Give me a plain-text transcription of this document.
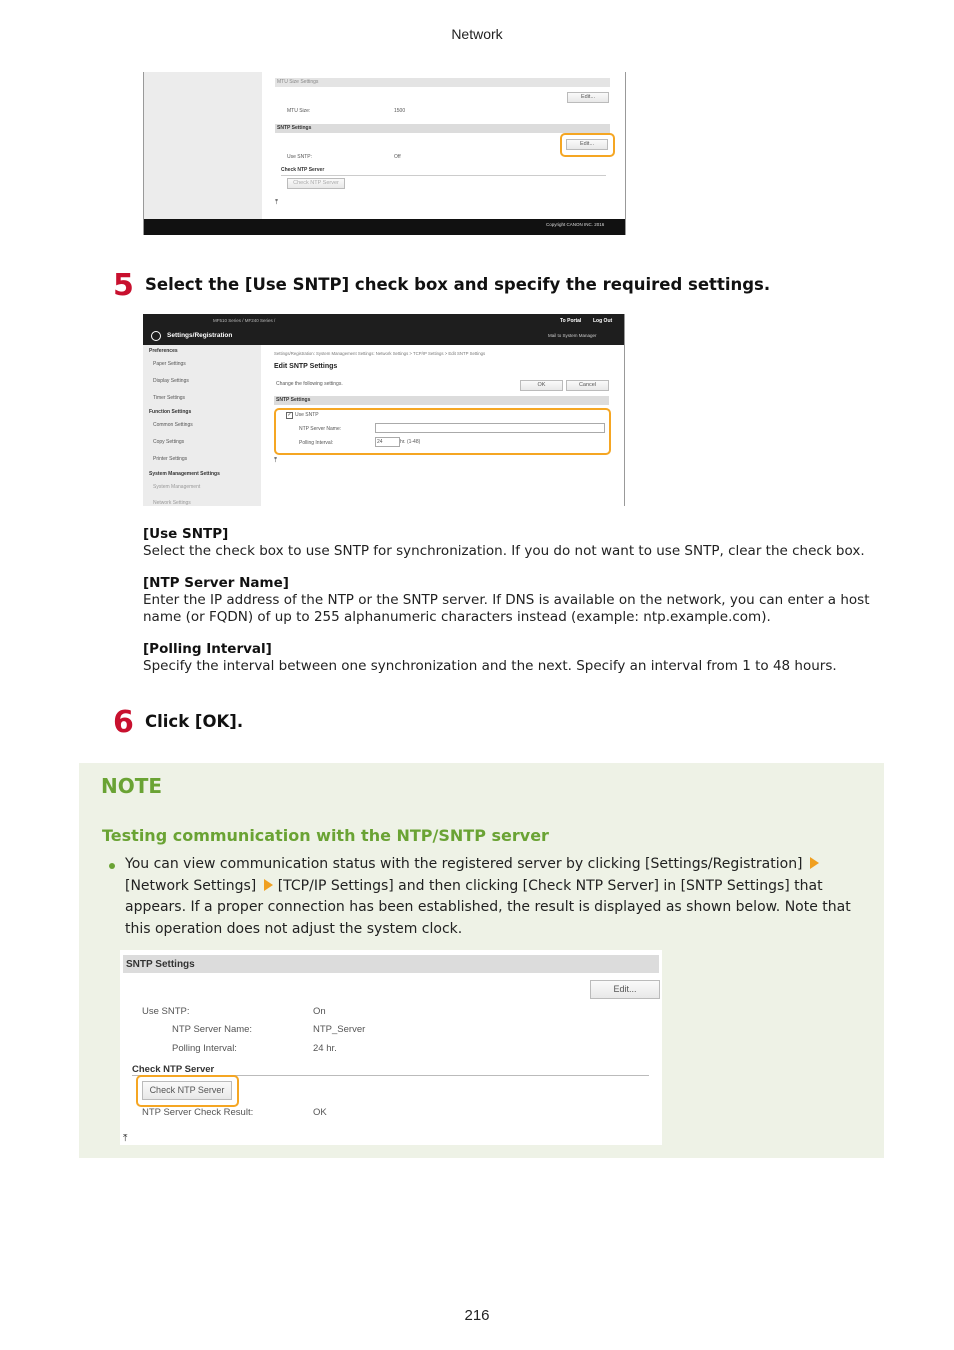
Network
MTU Size Settings
Edit...
MTU Size:	1500
SNTP Settings
Edit...
Use SNTP:	Off
Check NTP Server
Check NTP Server
⤒
Copyright CANON INC. 2016
5 Select the [Use SNTP] check box and specify the required settings.
MF510 Series / MF240 Series /	To Portal Log Out
Settings/Registration	Mail to System Manager
Preferences
Paper Settings
Display Settings
Timer Settings
Function Settings
Common Settings
Copy Settings
Printer Settings
System Management Settings
System Management
Network Settings
Settings/Registration: System Management Settings: Network Settings > TCP/IP Settings > Edit SNTP Settings
Edit SNTP Settings
Change the following settings.	OK	Cancel
SNTP Settings
✓ Use SNTP
NTP Server Name:
Polling Interval:	24	hr. (1-48)
⤒
[Use SNTP]
Select the check box to use SNTP for synchronization. If you do not want to use SNTP, clear the check box.
[NTP Server Name]
Enter the IP address of the NTP or the SNTP server. If DNS is available on the network, you can enter a host name (or FQDN) of up to 255 alphanumeric characters instead (example: ntp.example.com).
[Polling Interval]
Specify the interval between one synchronization and the next. Specify an interval from 1 to 48 hours.
6 Click [OK].
NOTE
Testing communication with the NTP/SNTP server
You can view communication status with the registered server by clicking [Settings/Registration] [Network Settings] [TCP/IP Settings] and then clicking [Check NTP Server] in [SNTP Settings] that appears. If a proper connection has been established, the result is displayed as shown below. Note that this operation does not adjust the system clock.
SNTP Settings
Edit...
Use SNTP:	On
NTP Server Name:	NTP_Server
Polling Interval:	24 hr.
Check NTP Server
Check NTP Server
NTP Server Check Result:	OK
⤒
216
